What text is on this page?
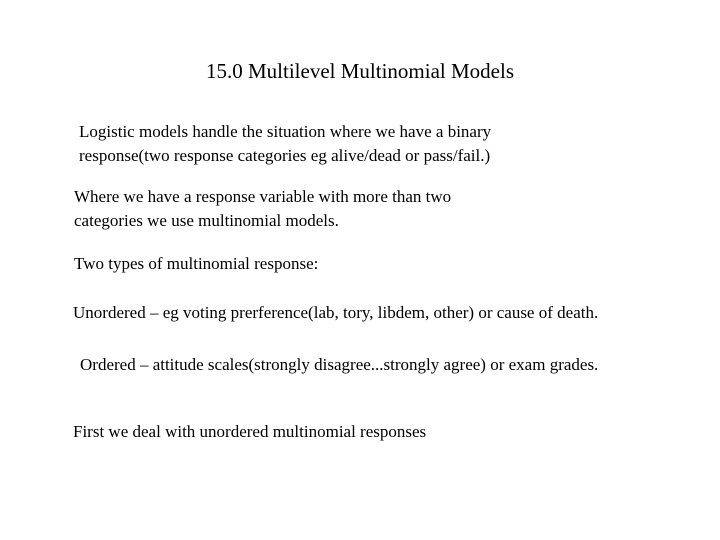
15.0 Multilevel Multinomial Models
Logistic models handle the situation where we have a binary
response(two response categories eg alive/dead or pass/fail.)
Where we have a response variable with more than two
categories we use multinomial models.
Two types of multinomial response:
Unordered – eg voting prerference(lab, tory, libdem, other) or cause of death.
Ordered – attitude scales(strongly disagree...strongly agree) or exam grades.
First we deal with unordered multinomial responses
